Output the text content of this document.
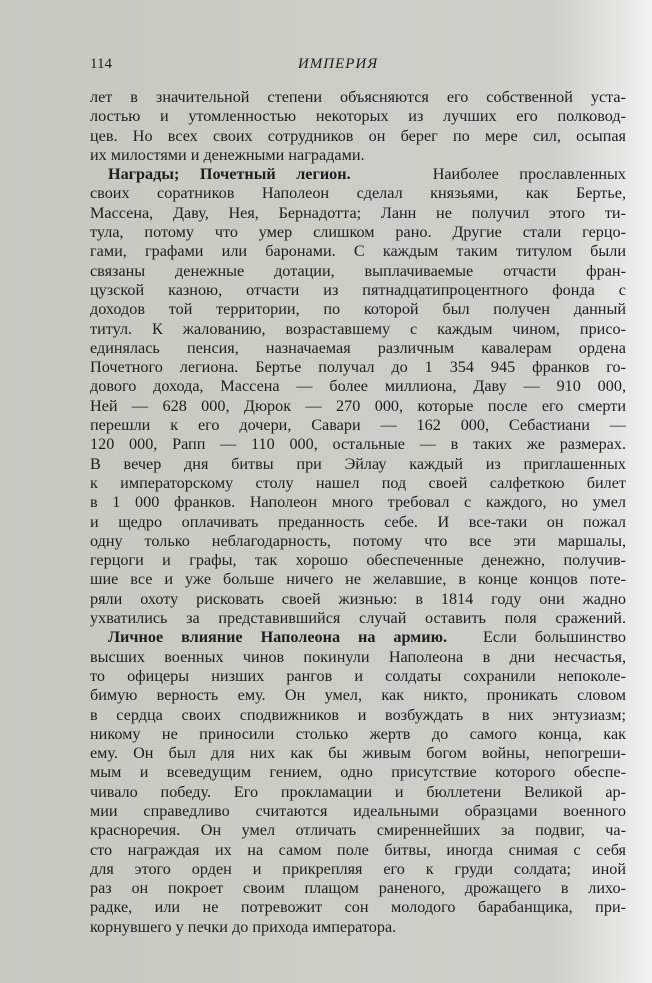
114	ИМПЕРИЯ
лет в значительной степени объясняются его собственной уста-
лостью и утомленностью некоторых из лучших его полковод-
цев. Но всех своих сотрудников он берег по мере сил, осыпая
их милостями и денежными наградами.
Награды; Почетный легион.	Наиболее прославленных
своих соратников Наполеон сделал князьями, как Бертье,
Массена, Даву, Нея, Бернадотта; Ланн не получил этого ти-
тула, потому что умер слишком рано. Другие стали герцо-
гами, графами или баронами. С каждым таким титулом были
связаны денежные дотации, выплачиваемые отчасти фран-
цузской казною, отчасти из пятнадцатипроцентного фонда с
доходов той территории, по которой был получен данный
титул. К жалованию, возраставшему с каждым чином, присо-
единялась пенсия, назначаемая различным кавалерам ордена
Почетного легиона. Бертье получал до 1 354 945 франков го-
дового дохода, Массена — более миллиона, Даву — 910 000,
Ней — 628 000, Дюрок — 270 000, которые после его смерти
перешли к его дочери, Савари — 162 000, Себастиани —
120 000, Рапп — 110 000, остальные — в таких же размерах.
В вечер дня битвы при Эйлау каждый из приглашенных
к императорскому столу нашел под своей салфеткою билет
в 1 000 франков. Наполеон много требовал с каждого, но умел
и щедро оплачивать преданность себе. И все-таки он пожал
одну только неблагодарность, потому что все эти маршалы,
герцоги и графы, так хорошо обеспеченные денежно, получив-
шие все и уже больше ничего не желавшие, в конце концов поте-
ряли охоту рисковать своей жизнью: в 1814 году они жадно
ухватились за представившийся случай оставить поля сражений.
Личное влияние Наполеона на армию. Если большинство
высших военных чинов покинули Наполеона в дни несчастья,
то офицеры низших рангов и солдаты сохранили непоколе-
бимую верность ему. Он умел, как никто, проникать словом
в сердца своих сподвижников и возбуждать в них энтузиазм;
никому не приносили столько жертв до самого конца, как
ему. Он был для них как бы живым богом войны, непогреши-
мым и всеведущим гением, одно присутствие которого обеспе-
чивало победу. Его прокламации и бюллетени Великой ар-
мии справедливо считаются идеальными образцами военного
красноречия. Он умел отличать смиреннейших за подвиг, ча-
сто награждая их на самом поле битвы, иногда снимая с себя
для этого орден и прикрепляя его к груди солдата; иной
раз он покроет своим плащом раненого, дрожащего в лихо-
радке, или не потревожит сон молодого барабанщика, при-
корнувшего у печки до прихода императора.
